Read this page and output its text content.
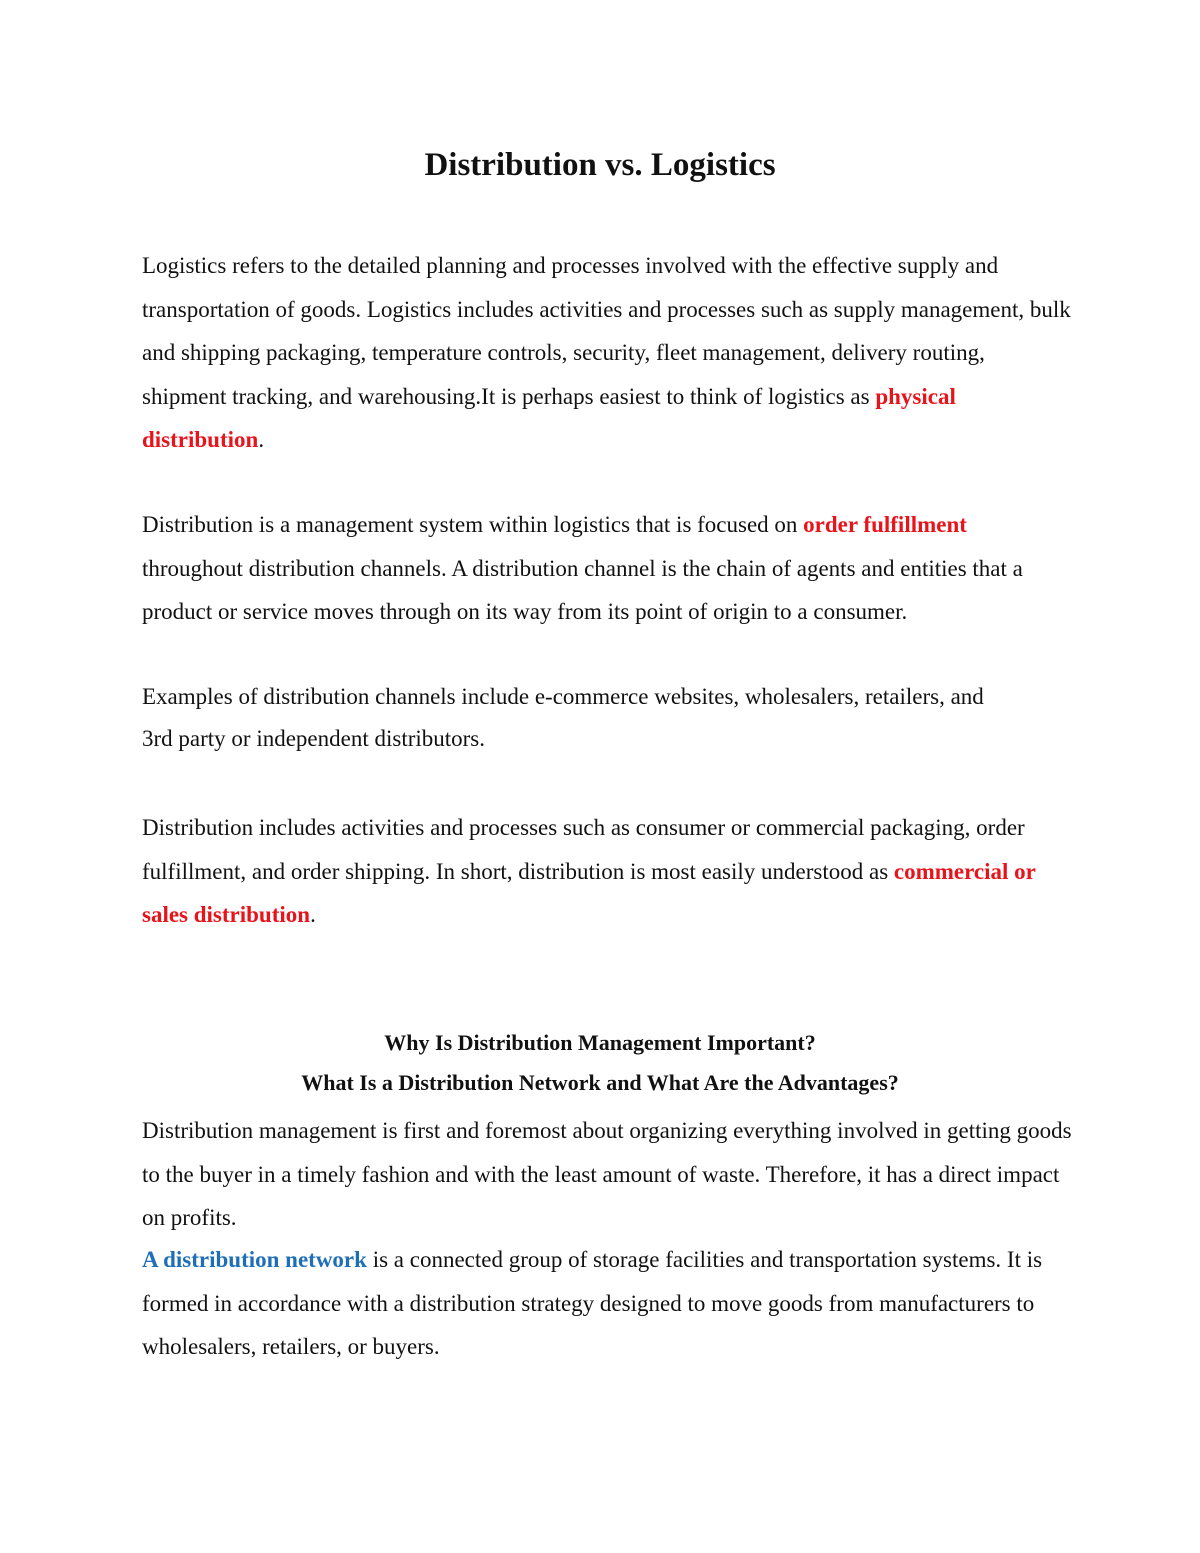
Distribution vs. Logistics

Logistics refers to the detailed planning and processes involved with the effective supply and transportation of goods. Logistics includes activities and processes such as supply management, bulk and shipping packaging, temperature controls, security, fleet management, delivery routing, shipment tracking, and warehousing.It is perhaps easiest to think of logistics as physical distribution.

Distribution is a management system within logistics that is focused on order fulfillment throughout distribution channels. A distribution channel is the chain of agents and entities that a product or service moves through on its way from its point of origin to a consumer.

Examples of distribution channels include e-commerce websites, wholesalers, retailers, and
3rd party or independent distributors.

Distribution includes activities and processes such as consumer or commercial packaging, order fulfillment, and order shipping. In short, distribution is most easily understood as commercial or sales distribution.

Why Is Distribution Management Important?
What Is a Distribution Network and What Are the Advantages?

Distribution management is first and foremost about organizing everything involved in getting goods to the buyer in a timely fashion and with the least amount of waste. Therefore, it has a direct impact on profits.

A distribution network is a connected group of storage facilities and transportation systems. It is formed in accordance with a distribution strategy designed to move goods from manufacturers to wholesalers, retailers, or buyers.
